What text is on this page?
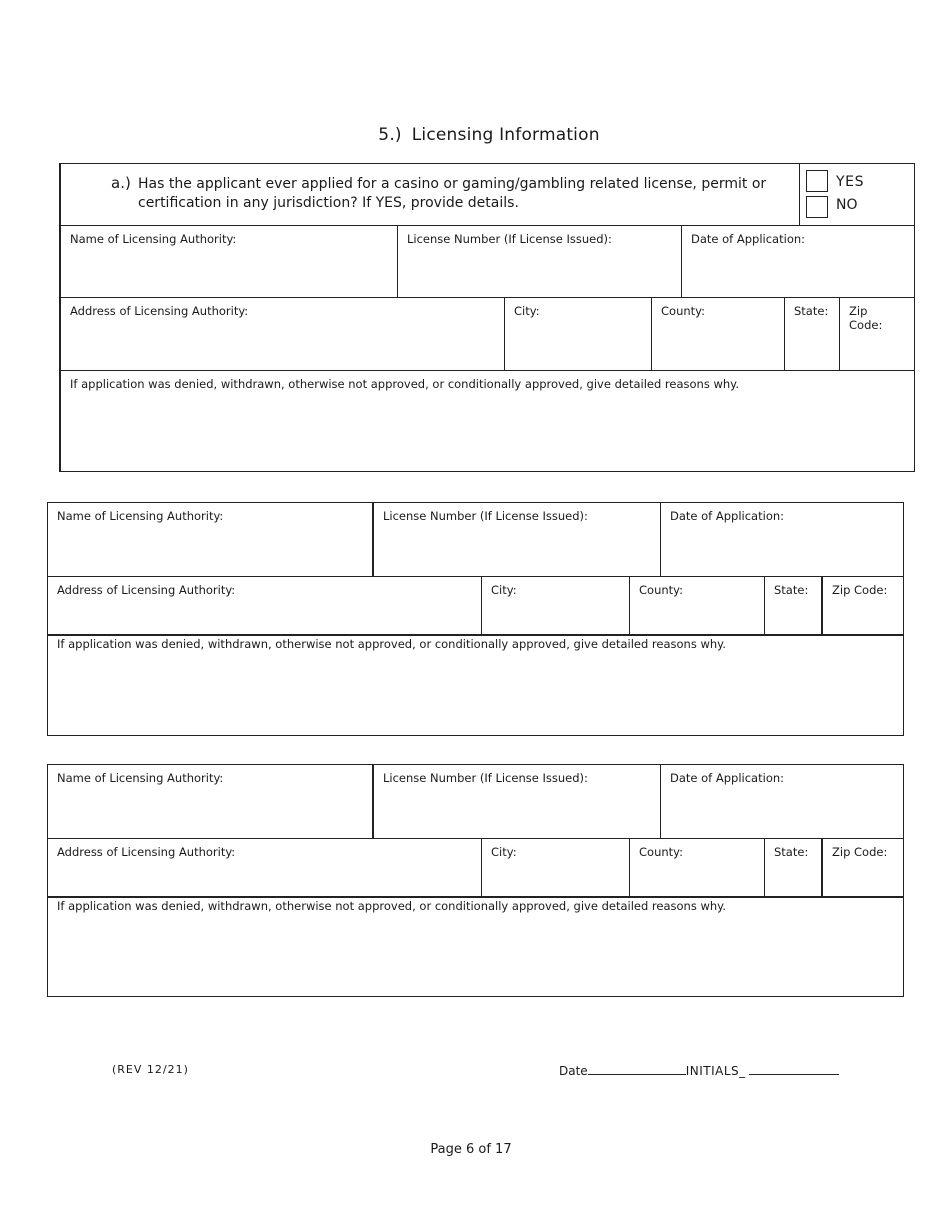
5.) Licensing Information
a.) Has the applicant ever applied for a casino or gaming/gambling related license, permit or certification in any jurisdiction? If YES, provide details.
YES
NO
Name of Licensing Authority:	License Number (If License Issued):	Date of Application:
Address of Licensing Authority:	City:	County:	State: Zip Code:
If application was denied, withdrawn, otherwise not approved, or conditionally approved, give detailed reasons why.
Name of Licensing Authority:	License Number (If License Issued):	Date of Application:
Address of Licensing Authority:	City:	County:	State: Zip Code:
If application was denied, withdrawn, otherwise not approved, or conditionally approved, give detailed reasons why.
Name of Licensing Authority:	License Number (If License Issued):	Date of Application:
Address of Licensing Authority:	City:	County:	State: Zip Code:
If application was denied, withdrawn, otherwise not approved, or conditionally approved, give detailed reasons why.
(REV 12/21)	Date	INITIALS_
Page 6 of 17
